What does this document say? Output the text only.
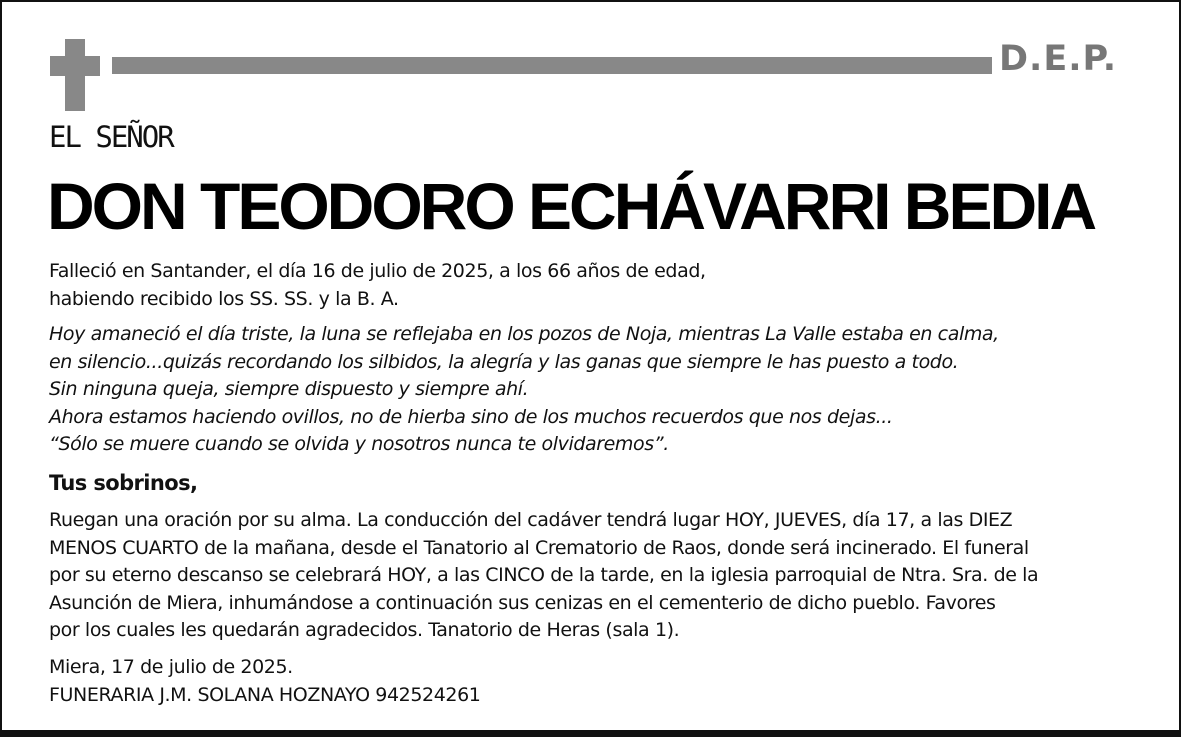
D.E.P.
EL SEÑOR
DON TEODORO ECHÁVARRI BEDIA
Falleció en Santander, el día 16 de julio de 2025, a los 66 años de edad,
habiendo recibido los SS. SS. y la B. A.
Hoy amaneció el día triste, la luna se reflejaba en los pozos de Noja, mientras La Valle estaba en calma,
en silencio...quizás recordando los silbidos, la alegría y las ganas que siempre le has puesto a todo.
Sin ninguna queja, siempre dispuesto y siempre ahí.
Ahora estamos haciendo ovillos, no de hierba sino de los muchos recuerdos que nos dejas...
“Sólo se muere cuando se olvida y nosotros nunca te olvidaremos”.
Tus sobrinos,
Ruegan una oración por su alma. La conducción del cadáver tendrá lugar HOY, JUEVES, día 17, a las DIEZ
MENOS CUARTO de la mañana, desde el Tanatorio al Crematorio de Raos, donde será incinerado. El funeral
por su eterno descanso se celebrará HOY, a las CINCO de la tarde, en la iglesia parroquial de Ntra. Sra. de la
Asunción de Miera, inhumándose a continuación sus cenizas en el cementerio de dicho pueblo. Favores
por los cuales les quedarán agradecidos. Tanatorio de Heras (sala 1).
Miera, 17 de julio de 2025.
FUNERARIA J.M. SOLANA HOZNAYO 942524261
